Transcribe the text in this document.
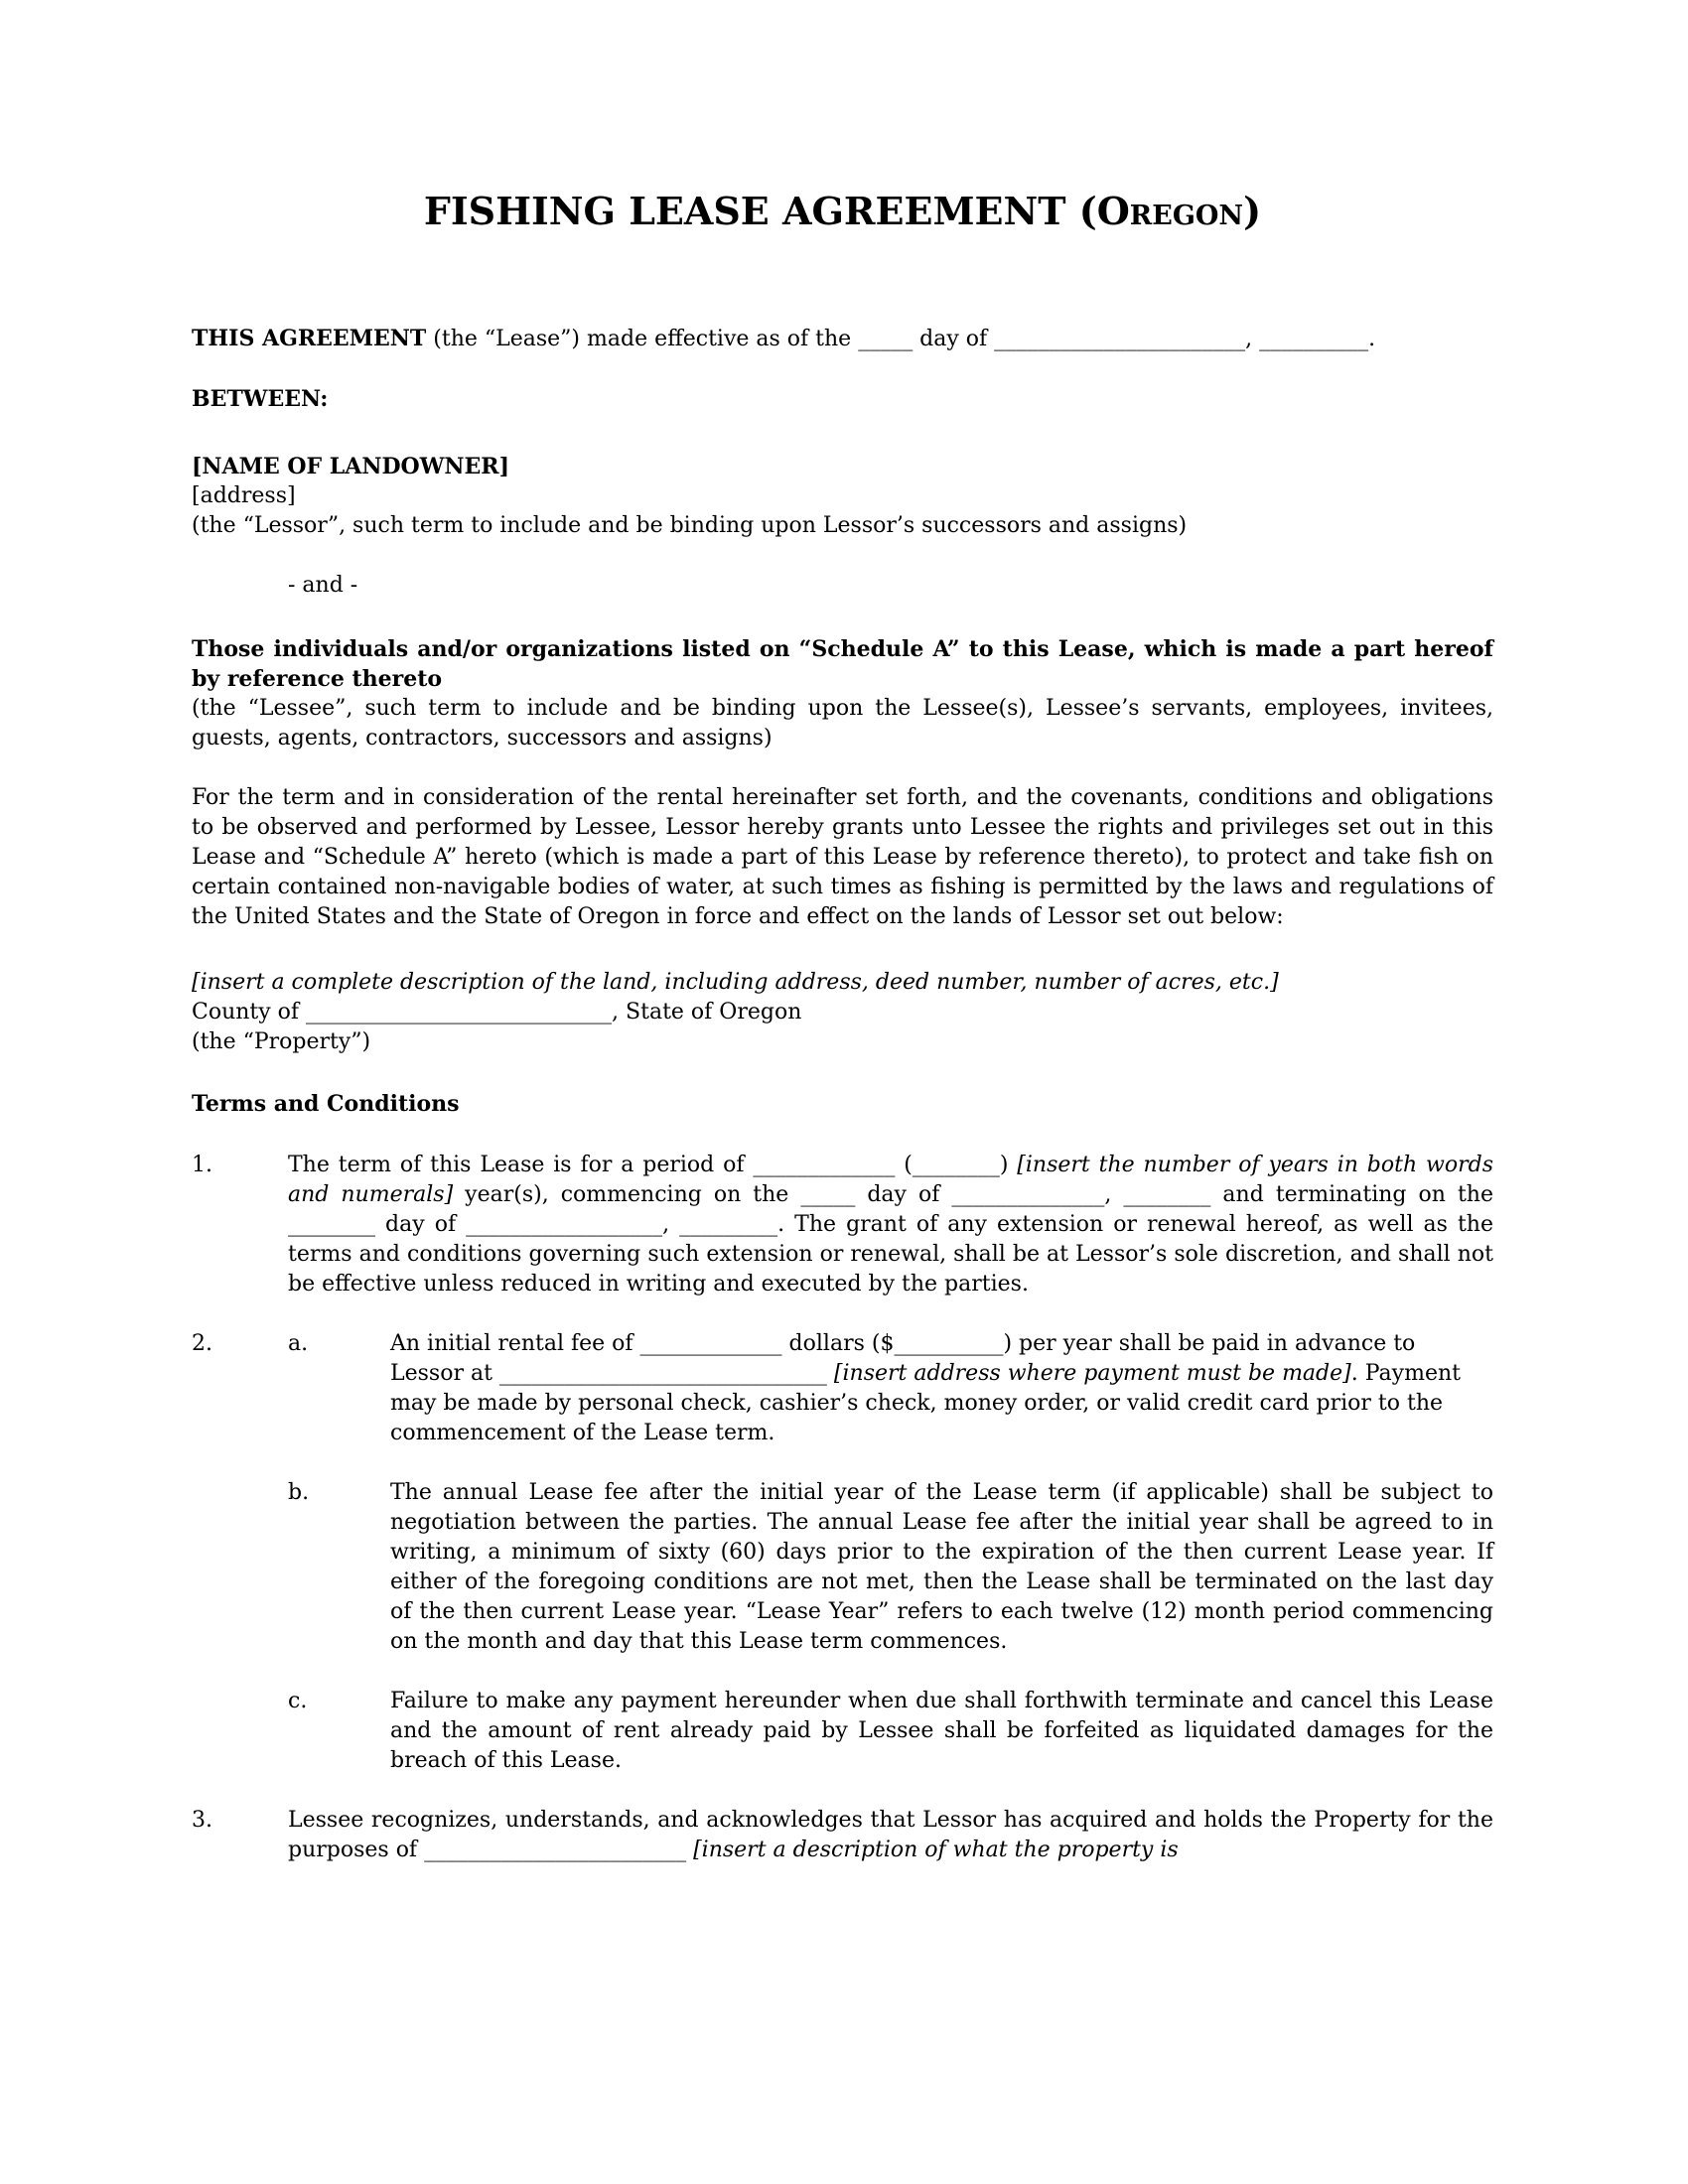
FISHING LEASE AGREEMENT (Oregon)

THIS AGREEMENT (the “Lease”) made effective as of the _____ day of _______________________, __________.

BETWEEN:

[NAME OF LANDOWNER]

[address]

(the “Lessor”, such term to include and be binding upon Lessor’s successors and assigns)

- and -

Those individuals and/or organizations listed on “Schedule A” to this Lease, which is made a part hereof by reference thereto

(the “Lessee”, such term to include and be binding upon the Lessee(s), Lessee’s servants, employees, invitees, guests, agents, contractors, successors and assigns)

For the term and in consideration of the rental hereinafter set forth, and the covenants, conditions and obligations to be observed and performed by Lessee, Lessor hereby grants unto Lessee the rights and privileges set out in this Lease and “Schedule A” hereto (which is made a part of this Lease by reference thereto), to protect and take fish on certain contained non-navigable bodies of water, at such times as fishing is permitted by the laws and regulations of the United States and the State of Oregon in force and effect on the lands of Lessor set out below:

[insert a complete description of the land, including address, deed number, number of acres, etc.]

County of ____________________________, State of Oregon

(the “Property”)

Terms and Conditions

1.	The term of this Lease is for a period of _____________ (________) [insert the number of years in both words and numerals] year(s), commencing on the _____ day of ______________, ________ and terminating on the ________ day of __________________, _________. The grant of any extension or renewal hereof, as well as the terms and conditions governing such extension or renewal, shall be at Lessor’s sole discretion, and shall not be effective unless reduced in writing and executed by the parties.
2.	a.	An initial rental fee of _____________ dollars ($__________) per year shall be paid in advance to Lessor at ______________________________ [insert address where payment must be made]. Payment may be made by personal check, cashier’s check, money order, or valid credit card prior to the commencement of the Lease term.
b.	The annual Lease fee after the initial year of the Lease term (if applicable) shall be subject to negotiation between the parties. The annual Lease fee after the initial year shall be agreed to in writing, a minimum of sixty (60) days prior to the expiration of the then current Lease year. If either of the foregoing conditions are not met, then the Lease shall be terminated on the last day of the then current Lease year. “Lease Year” refers to each twelve (12) month period commencing on the month and day that this Lease term commences.
c.	Failure to make any payment hereunder when due shall forthwith terminate and cancel this Lease and the amount of rent already paid by Lessee shall be forfeited as liquidated damages for the breach of this Lease.
3.	Lessee recognizes, understands, and acknowledges that Lessor has acquired and holds the Property for the purposes of ________________________ [insert a description of what the property is
